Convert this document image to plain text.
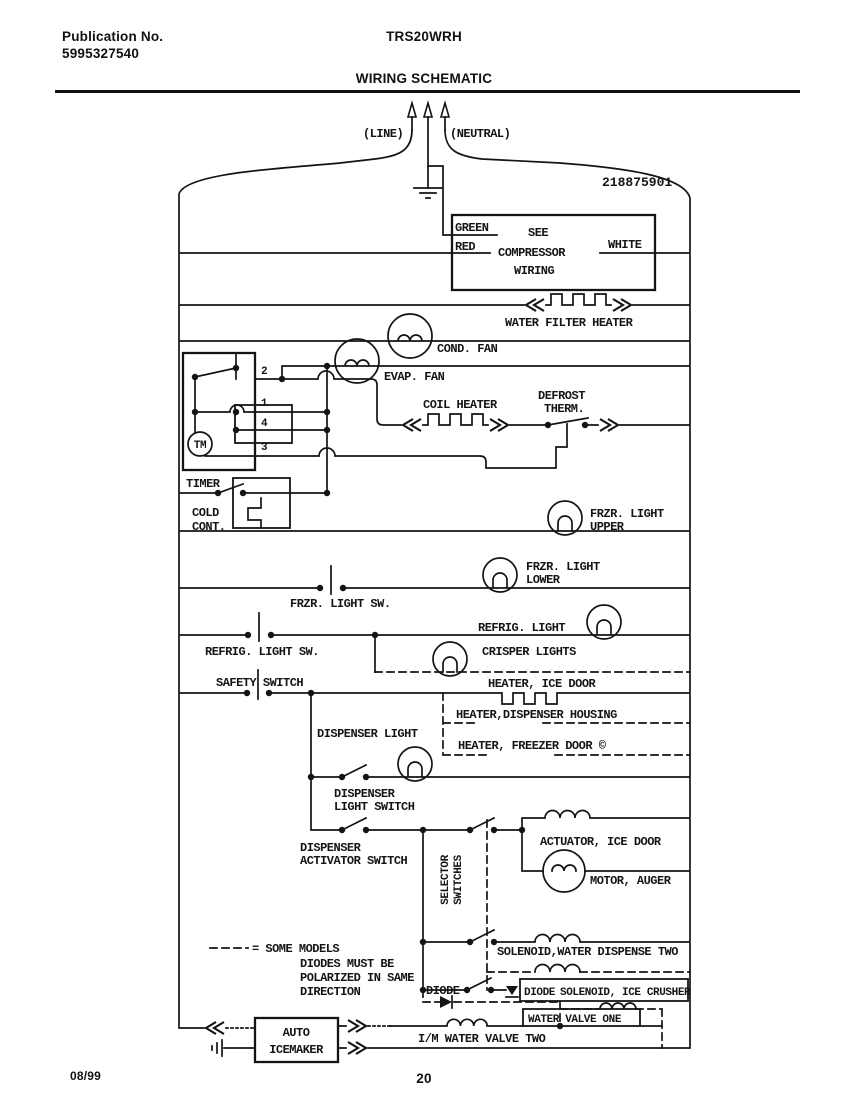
Publication No.
5995327540
TRS20WRH
WIRING SCHEMATIC
(LINE)	(NEUTRAL)
218875901
GREEN	SEE
RED COMPRESSOR
WHITE
WIRING
WATER FILTER HEATER
COND. FAN
EVAP. FAN
COIL HEATER
DEFROST
THERM.
2
1
4
3
TIMER
TM
COLD
CONT.
FRZR. LIGHT
UPPER
FRZR. LIGHT
LOWER
FRZR. LIGHT SW.
REFRIG. LIGHT
REFRIG. LIGHT SW.	CRISPER LIGHTS
SAFETY SWITCH	HEATER, ICE DOOR
HEATER,DISPENSER HOUSING
HEATER, FREEZER DOOR ©
DISPENSER LIGHT
DISPENSER
LIGHT SWITCH
DISPENSER
ACTIVATOR SWITCH	SELECTOR SWITCHES
ACTUATOR, ICE DOOR
MOTOR, AUGER
SOLENOID,WATER DISPENSE TWO
= SOME MODELS
DIODES MUST BE
POLARIZED IN SAME
DIRECTION	DIODE	DIODE SOLENOID, ICE CRUSHER
WATER VALVE ONE
AUTO
ICEMAKER
I/M WATER VALVE TWO
08/99	20
